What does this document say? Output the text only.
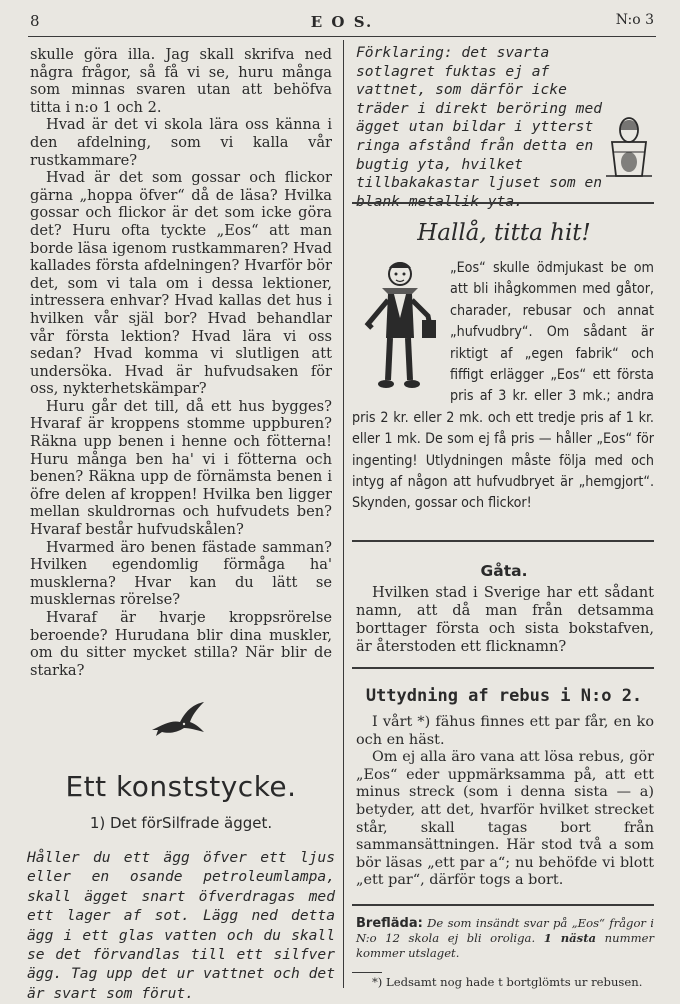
8	E O S.	N:o 3

skulle göra illa. Jag skall skrifva ned några frågor, så få vi se, huru många som minnas svaren utan att behöfva titta i n:o 1 och 2.

Hvad är det vi skola lära oss känna i den afdelning, som vi kalla vår rustkammare?

Hvad är det som gossar och flickor gärna „hoppa öfver“ då de läsa? Hvilka gossar och flickor är det som icke göra det? Huru ofta tyckte „Eos“ att man borde läsa igenom rustkammaren? Hvad kallades första afdelningen? Hvarför bör det, som vi tala om i dessa lektioner, intressera enhvar? Hvad kallas det hus i hvilken vår själ bor? Hvad behandlar vår första lektion? Hvad lära vi oss sedan? Hvad komma vi slutligen att undersöka. Hvad är hufvudsaken för oss, nykterhetskämpar?

Huru går det till, då ett hus bygges? Hvaraf är kroppens stomme uppburen? Räkna upp benen i henne och fötterna! Huru många ben ha' vi i fötterna och benen? Räkna upp de förnämsta benen i öfre delen af kroppen! Hvilka ben ligger mellan skuldrornas och hufvudets ben? Hvaraf består hufvudskålen?

Hvarmed äro benen fästade samman? Hvilken egendomlig förmåga ha' musklerna? Hvar kan du lätt se musklernas rörelse?

Hvaraf är hvarje kroppsrörelse beroende? Hurudana blir dina muskler, om du sitter mycket stilla? När blir de starka?

Ett konststycke.
1) Det förSilfrade ägget.

Håller du ett ägg öfver ett ljus eller en osande petroleumlampa, skall ägget snart öfverdragas med ett lager af sot. Lägg ned detta ägg i ett glas vatten och du skall se det förvandlas till ett silfver ägg. Tag upp det ur vattnet och det är svart som förut.

Förklaring: det svarta sotlagret fuktas ej af vattnet, som därför icke träder i direkt beröring med ägget utan bildar i ytterst ringa afstånd från detta en bugtig yta, hvilket tillbakakastar ljuset som en blank metallik yta.

Hallå, titta hit!

„Eos“ skulle ödmjukast be om att bli ihågkommen med gåtor, charader, rebusar och annat „hufvudbry“. Om sådant är riktigt af „egen fabrik“ och fiffigt erlägger „Eos“ ett första pris af 3 kr. eller 3 mk.; andra pris 2 kr. eller 2 mk. och ett tredje pris af 1 kr. eller 1 mk. De som ej få pris — håller „Eos“ för ingenting! Utlydningen måste följa med och intyg af någon att hufvudbryet är „hemgjort“. Skynden, gossar och flickor!

Gåta.

Hvilken stad i Sverige har ett sådant namn, att då man från detsamma borttager första och sista bokstafven, är återstoden ett flicknamn?

Uttydning af rebus i N:o 2.

I vårt *) fähus finnes ett par får, en ko och en häst.

Om ej alla äro vana att lösa rebus, gör „Eos“ eder uppmärksamma på, att ett minus streck (som i denna sista — a) betyder, att det, hvarför hvilket strecket står, skall tagas bort från sammansättningen. Här stod två a som bör läsas „ett par a“; nu behöfde vi blott „ett par“, därför togs a bort.

Brefläda: De som insändt svar på „Eos“ frågor i N:o 12 skola ej bli oroliga. 1 nästa nummer kommer utslaget.

*) Ledsamt nog hade t bortglömts ur rebusen.
